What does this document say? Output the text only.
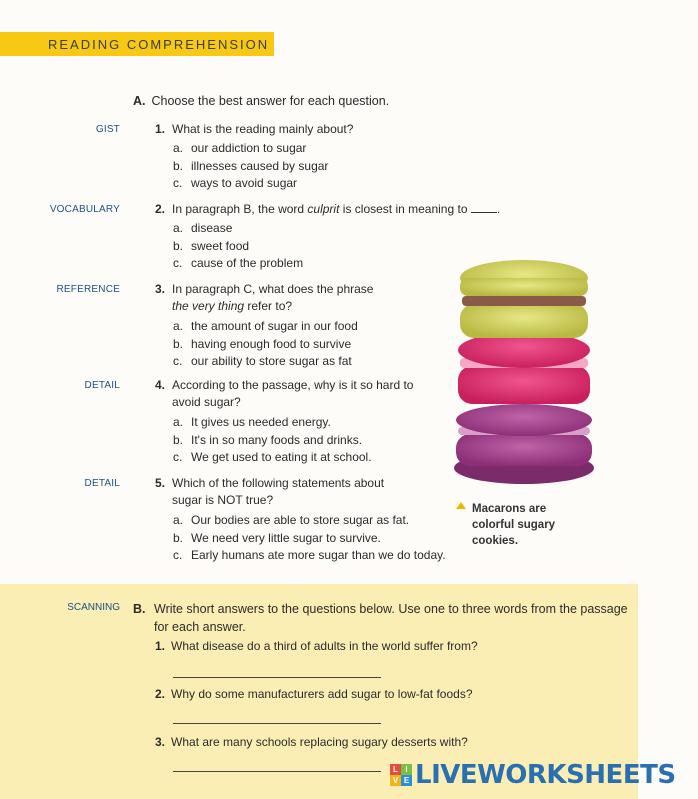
READING COMPREHENSION
A. Choose the best answer for each question.
GIST	1. What is the reading mainly about?
a. our addiction to sugar
b. illnesses caused by sugar
c. ways to avoid sugar
VOCABULARY	2. In paragraph B, the word culprit is closest in meaning to .
a. disease
b. sweet food
c. cause of the problem
REFERENCE	3. In paragraph C, what does the phrase
the very thing refer to?
a. the amount of sugar in our food
b. having enough food to survive
c. our ability to store sugar as fat
DETAIL	4. According to the passage, why is it so hard to avoid sugar?
a. It gives us needed energy.
b. It's in so many foods and drinks.
c. We get used to eating it at school.
DETAIL	5. Which of the following statements about sugar is NOT true?
a. Our bodies are able to store sugar as fat.
b. We need very little sugar to survive.
c. Early humans ate more sugar than we do today.
Macarons are colorful sugary cookies.
SCANNING B. Write short answers to the questions below. Use one to three words from the passage for each answer.
1. What disease do a third of adults in the world suffer from?
2. Why do some manufacturers add sugar to low-fat foods?
3. What are many schools replacing sugary desserts with?
L I
V E LIVEWORKSHEETS
